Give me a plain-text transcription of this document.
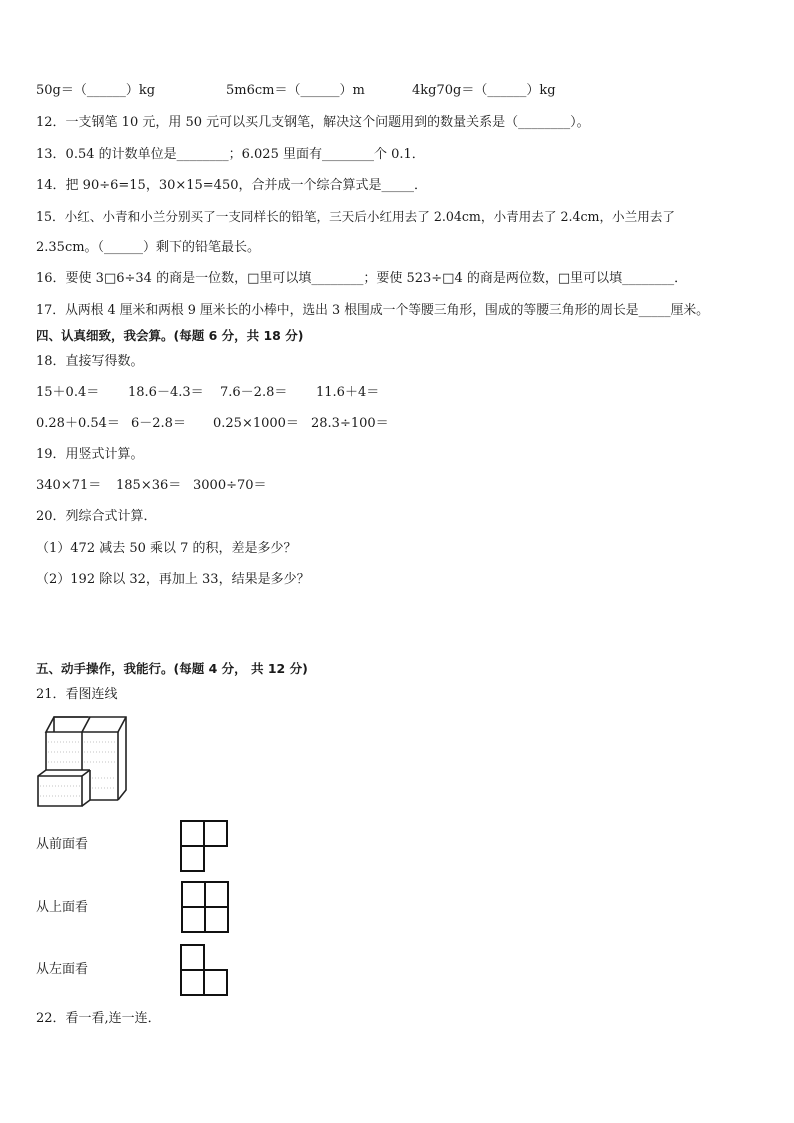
50g＝（______）kg	5m6cm＝（______）m	4kg70g＝（______）kg
12．一支钢笔 10 元，用 50 元可以买几支钢笔，解决这个问题用到的数量关系是（________）。
13．0.54 的计数单位是________；6.025 里面有________个 0.1．
14．把 90÷6=15，30×15=450，合并成一个综合算式是_____．
15．小红、小青和小兰分别买了一支同样长的铅笔，三天后小红用去了 2.04cm，小青用去了 2.4cm，小兰用去了
2.35cm。（______）剩下的铅笔最长。
16．要使 3□6÷34 的商是一位数，□里可以填________；要使 523÷□4 的商是两位数，□里可以填________．
17．从两根 4 厘米和两根 9 厘米长的小棒中，选出 3 根围成一个等腰三角形，围成的等腰三角形的周长是_____厘米。
四、认真细致，我会算。(每题 6 分，共 18 分)
18．直接写得数。
15＋0.4＝ 18.6－4.3＝ 7.6－2.8＝ 11.6＋4＝
0.28＋0.54＝ 6－2.8＝ 0.25×1000＝ 28.3÷100＝
19．用竖式计算。
340×71＝ 185×36＝ 3000÷70＝
20．列综合式计算．
（1）472 减去 50 乘以 7 的积，差是多少？
（2）192 除以 32，再加上 33，结果是多少？
五、动手操作，我能行。(每题 4 分， 共 12 分)
21．看图连线
从前面看
从上面看
从左面看
22．看一看,连一连．
